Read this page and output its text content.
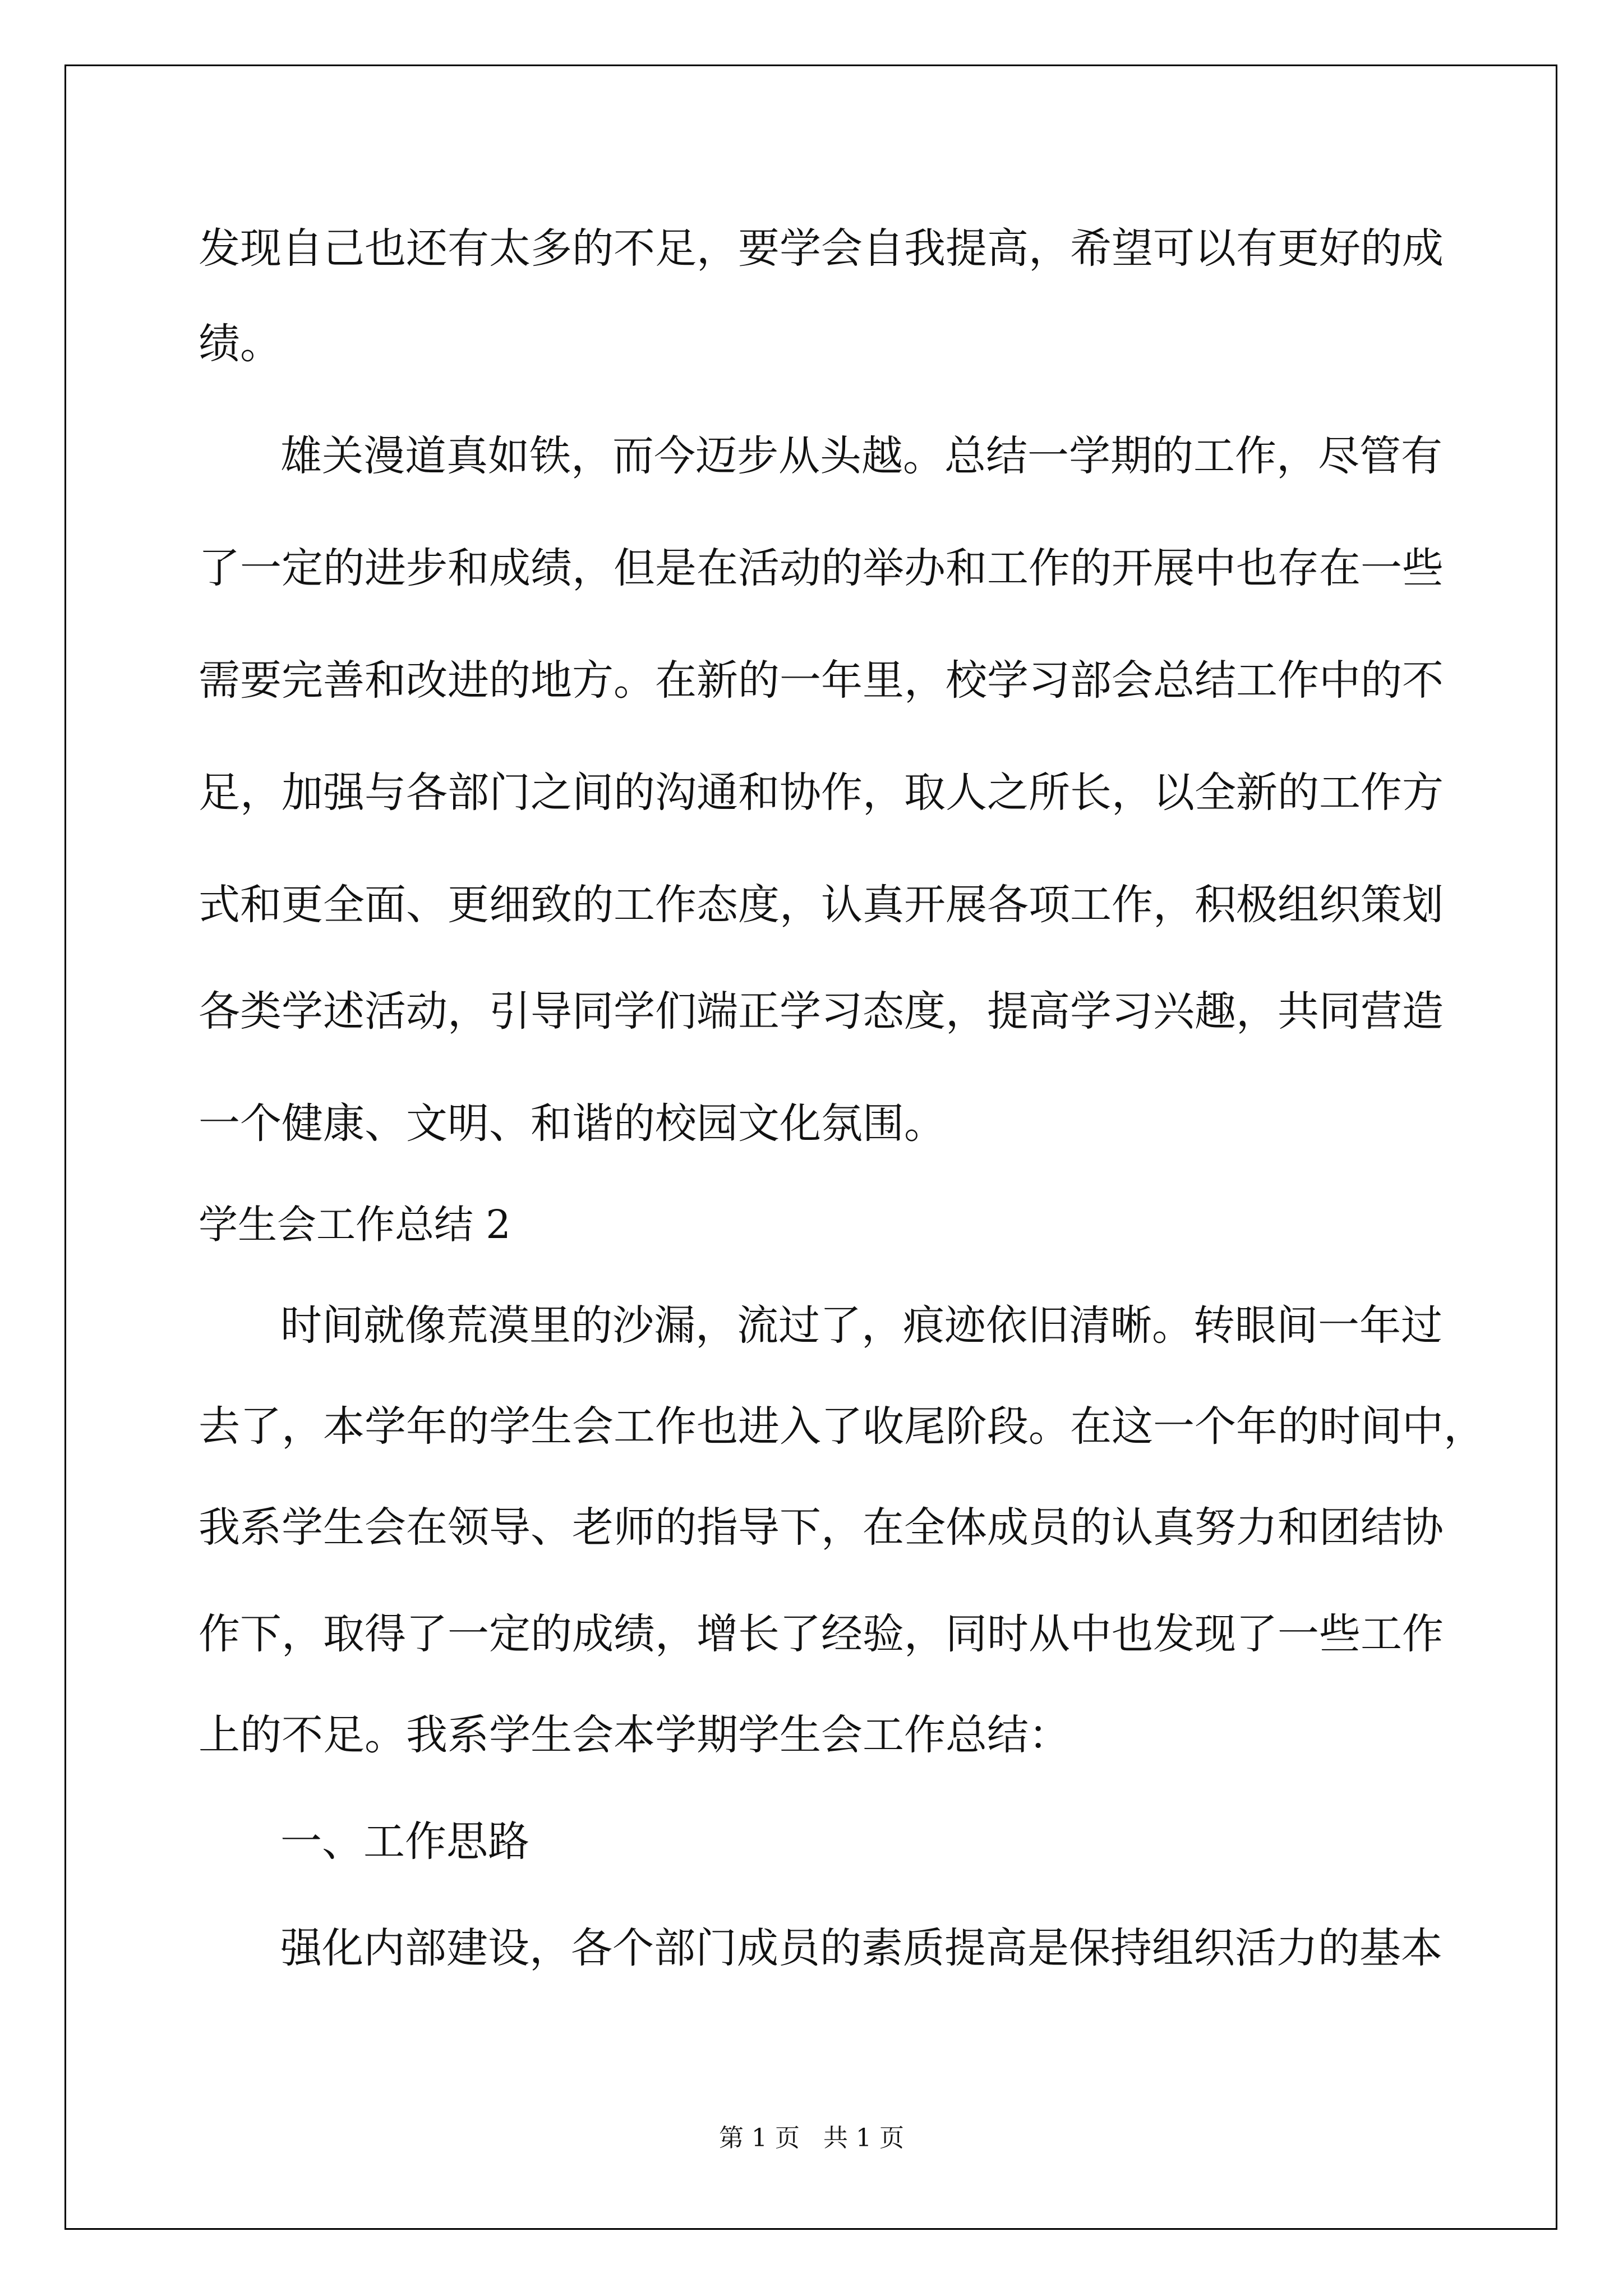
发现自己也还有太多的不足，要学会自我提高，希望可以有更好的成
绩。
雄关漫道真如铁，而今迈步从头越。总结一学期的工作，尽管有
了一定的进步和成绩，但是在活动的举办和工作的开展中也存在一些
需要完善和改进的地方。在新的一年里，校学习部会总结工作中的不
足，加强与各部门之间的沟通和协作，取人之所长，以全新的工作方
式和更全面、更细致的工作态度，认真开展各项工作，积极组织策划
各类学述活动，引导同学们端正学习态度，提高学习兴趣，共同营造
一个健康、文明、和谐的校园文化氛围。
学生会工作总结 2
时间就像荒漠里的沙漏，流过了，痕迹依旧清晰。转眼间一年过
去了，本学年的学生会工作也进入了收尾阶段。在这一个年的时间中，
我系学生会在领导、老师的指导下，在全体成员的认真努力和团结协
作下，取得了一定的成绩，增长了经验，同时从中也发现了一些工作
上的不足。我系学生会本学期学生会工作总结：
一、工作思路
强化内部建设，各个部门成员的素质提高是保持组织活力的基本
第 1 页   共 1 页
